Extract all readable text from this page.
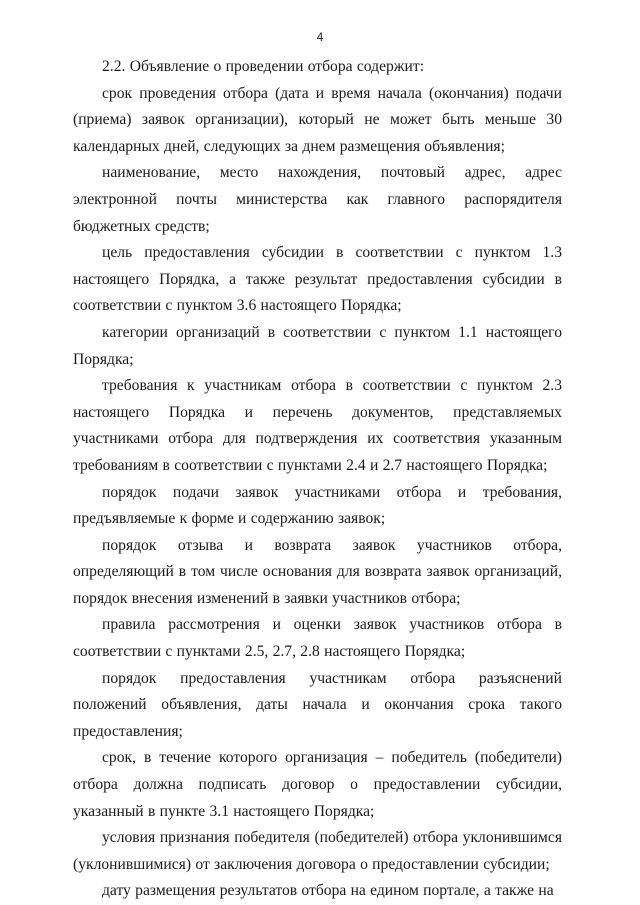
4

2.2. Объявление о проведении отбора содержит:

срок проведения отбора (дата и время начала (окончания) подачи (приема) заявок организации), который не может быть меньше 30 календарных дней, следующих за днем размещения объявления;

наименование, место нахождения, почтовый адрес, адрес электронной почты министерства как главного распорядителя бюджетных средств;

цель предоставления субсидии в соответствии с пунктом 1.3 настоящего Порядка, а также результат предоставления субсидии в соответствии с пунктом 3.6 настоящего Порядка;

категории организаций в соответствии с пунктом 1.1 настоящего Порядка;

требования к участникам отбора в соответствии с пунктом 2.3 настоящего Порядка и перечень документов, представляемых участниками отбора для подтверждения их соответствия указанным требованиям в соответствии с пунктами 2.4 и 2.7 настоящего Порядка;

порядок подачи заявок участниками отбора и требования, предъявляемые к форме и содержанию заявок;

порядок отзыва и возврата заявок участников отбора, определяющий в том числе основания для возврата заявок организаций, порядок внесения изменений в заявки участников отбора;

правила рассмотрения и оценки заявок участников отбора в соответствии с пунктами 2.5, 2.7, 2.8 настоящего Порядка;

порядок предоставления участникам отбора разъяснений положений объявления, даты начала и окончания срока такого предоставления;

срок, в течение которого организация – победитель (победители) отбора должна подписать договор о предоставлении субсидии, указанный в пункте 3.1 настоящего Порядка;

условия признания победителя (победителей) отбора уклонившимся (уклонившимися) от заключения договора о предоставлении субсидии;

дату размещения результатов отбора на едином портале, а также на
